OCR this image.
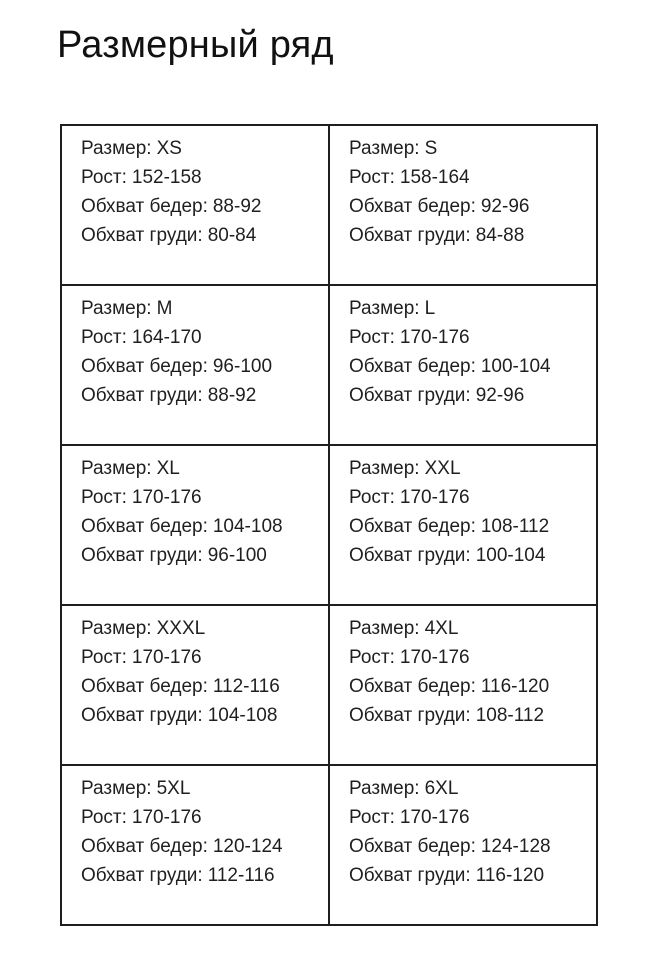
Размерный ряд
Размер: XS
Рост: 152-158
Обхват бедер: 88-92
Обхват груди: 80-84

Размер: S
Рост: 158-164
Обхват бедер: 92-96
Обхват груди: 84-88

Размер: M
Рост: 164-170
Обхват бедер: 96-100
Обхват груди: 88-92

Размер: L
Рост: 170-176
Обхват бедер: 100-104
Обхват груди: 92-96

Размер: XL
Рост: 170-176
Обхват бедер: 104-108
Обхват груди: 96-100

Размер: XXL
Рост: 170-176
Обхват бедер: 108-112
Обхват груди: 100-104

Размер: XXXL
Рост: 170-176
Обхват бедер: 112-116
Обхват груди: 104-108

Размер: 4XL
Рост: 170-176
Обхват бедер: 116-120
Обхват груди: 108-112

Размер: 5XL
Рост: 170-176
Обхват бедер: 120-124
Обхват груди: 112-116

Размер: 6XL
Рост: 170-176
Обхват бедер: 124-128
Обхват груди: 116-120
